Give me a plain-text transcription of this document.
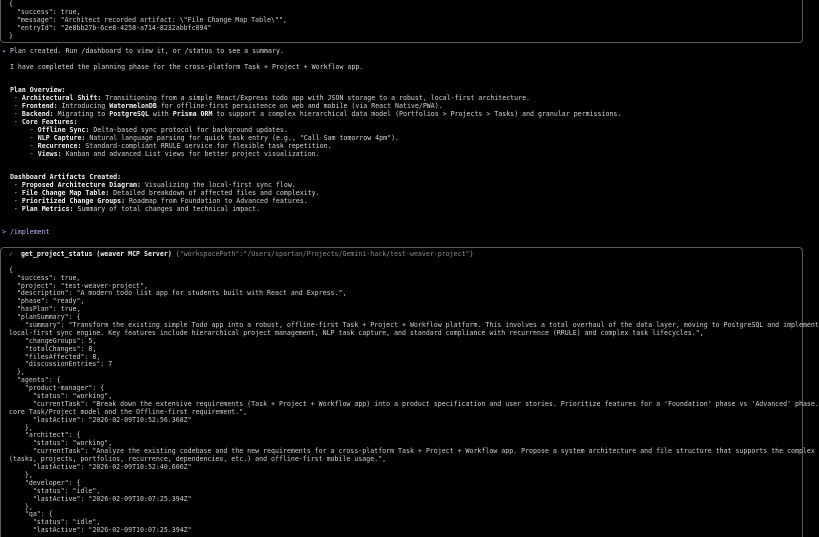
{
"success": true,
"message": "Architect recorded artifact: \"File Change Map Table\"",
"entryId": "2e8bb27b-6ce8-4258-a714-8232abbfc094"
}
✦ Plan created. Run /dashboard to view it, or /status to see a summary.

I have completed the planning phase for the cross-platform Task + Project + Workflow app.

Plan Overview:
- Architectural Shift: Transitioning from a simple React/Express todo app with JSON storage to a robust, local-first architecture.
- Frontend: Introducing WatermelonDB for offline-first persistence on web and mobile (via React Native/PWA).
- Backend: Migrating to PostgreSQL with Prisma ORM to support a complex hierarchical data model (Portfolios > Projects > Tasks) and granular permissions.
- Core Features:
- Offline Sync: Delta-based sync protocol for background updates.
- NLP Capture: Natural language parsing for quick task entry (e.g., "Call Sam tomorrow 4pm").
- Recurrence: Standard-compliant RRULE service for flexible task repetition.
- Views: Kanban and advanced List views for better project visualization.

Dashboard Artifacts Created:
- Proposed Architecture Diagram: Visualizing the local-first sync flow.
- File Change Map Table: Detailed breakdown of affected files and complexity.
- Prioritized Change Groups: Roadmap from Foundation to Advanced features.
- Plan Metrics: Summary of total changes and technical impact.

> /implement
✓ get_project_status (weaver MCP Server) {"workspacePath":"/Users/spartan/Projects/Gemini-hack/test-weaver-project"}

{
"success": true,
"project": "test-weaver-project",
"description": "A modern todo list app for students built with React and Express.",
"phase": "ready",
"hasPlan": true,
"planSummary": {
"summary": "Transform the existing simple Todo app into a robust, offline-first Task + Project + Workflow platform. This involves a total overhaul of the data layer, moving to PostgreSQL and implement
local-first sync engine. Key features include hierarchical project management, NLP task capture, and standard compliance with recurrence (RRULE) and complex task lifecycles.",
"changeGroups": 5,
"totalChanges": 8,
"filesAffected": 8,
"discussionEntries": 7
},
"agents": {
"product-manager": {
"status": "working",
"currentTask": "Break down the extensive requirements (Task + Project + Workflow app) into a product specification and user stories. Prioritize features for a 'Foundation' phase vs 'Advanced' phase.
core Task/Project model and the Offline-first requirement.",
"lastActive": "2026-02-09T10:52:56.368Z"
},
"architect": {
"status": "working",
"currentTask": "Analyze the existing codebase and the new requirements for a cross-platform Task + Project + Workflow app. Propose a system architecture and file structure that supports the complex
(tasks, projects, portfolios, recurrence, dependencies, etc.) and offline-first mobile usage.",
"lastActive": "2026-02-09T10:52:40.606Z"
},
"developer": {
"status": "idle",
"lastActive": "2026-02-09T10:07:25.394Z"
},
"qa": {
"status": "idle",
"lastActive": "2026-02-09T10:07:25.394Z"
